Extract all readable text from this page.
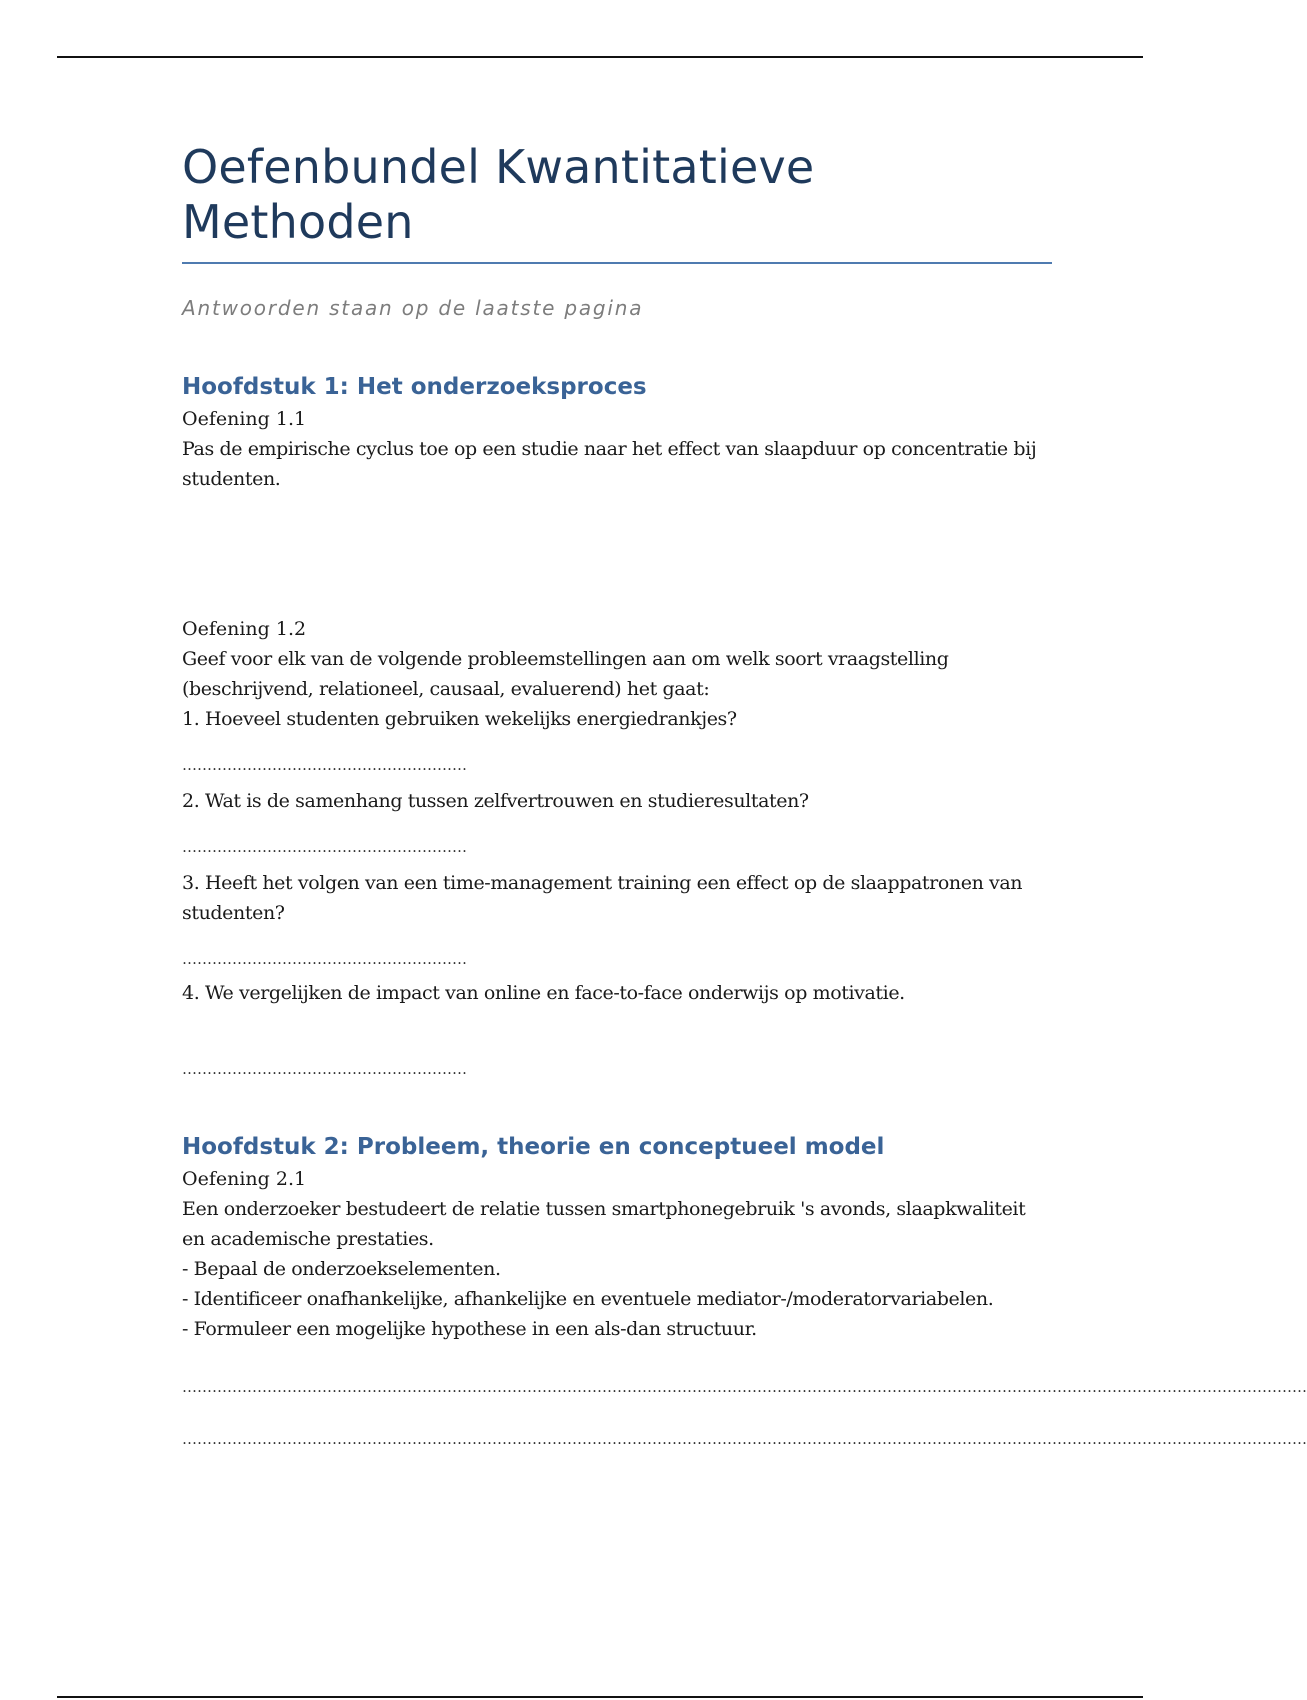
Oefenbundel Kwantitatieve Methoden
Antwoorden staan op de laatste pagina
Hoofdstuk 1: Het onderzoeksproces

Oefening 1.1

Pas de empirische cyclus toe op een studie naar het effect van slaapduur op concentratie bij studenten.

Oefening 1.2

Geef voor elk van de volgende probleemstellingen aan om welk soort vraagstelling (beschrijvend, relationeel, causaal, evaluerend) het gaat:

1. Hoeveel studenten gebruiken wekelijks energiedrankjes?

…………………………………………………

2. Wat is de samenhang tussen zelfvertrouwen en studieresultaten?

…………………………………………………

3. Heeft het volgen van een time-management training een effect op de slaappatronen van studenten?

…………………………………………………

4. We vergelijken de impact van online en face-to-face onderwijs op motivatie.

…………………………………………………
Hoofdstuk 2: Probleem, theorie en conceptueel model

Oefening 2.1

Een onderzoeker bestudeert de relatie tussen smartphonegebruik 's avonds, slaapkwaliteit en academische prestaties.

- Bepaal de onderzoekselementen.

- Identificeer onafhankelijke, afhankelijke en eventuele mediator-/moderatorvariabelen.

- Formuleer een mogelijke hypothese in een als-dan structuur.

………………………………………………………………………………………………………………………………………………………………………………………………………
………………………………………………………………………………………………………………………………………………………………………………………………………
